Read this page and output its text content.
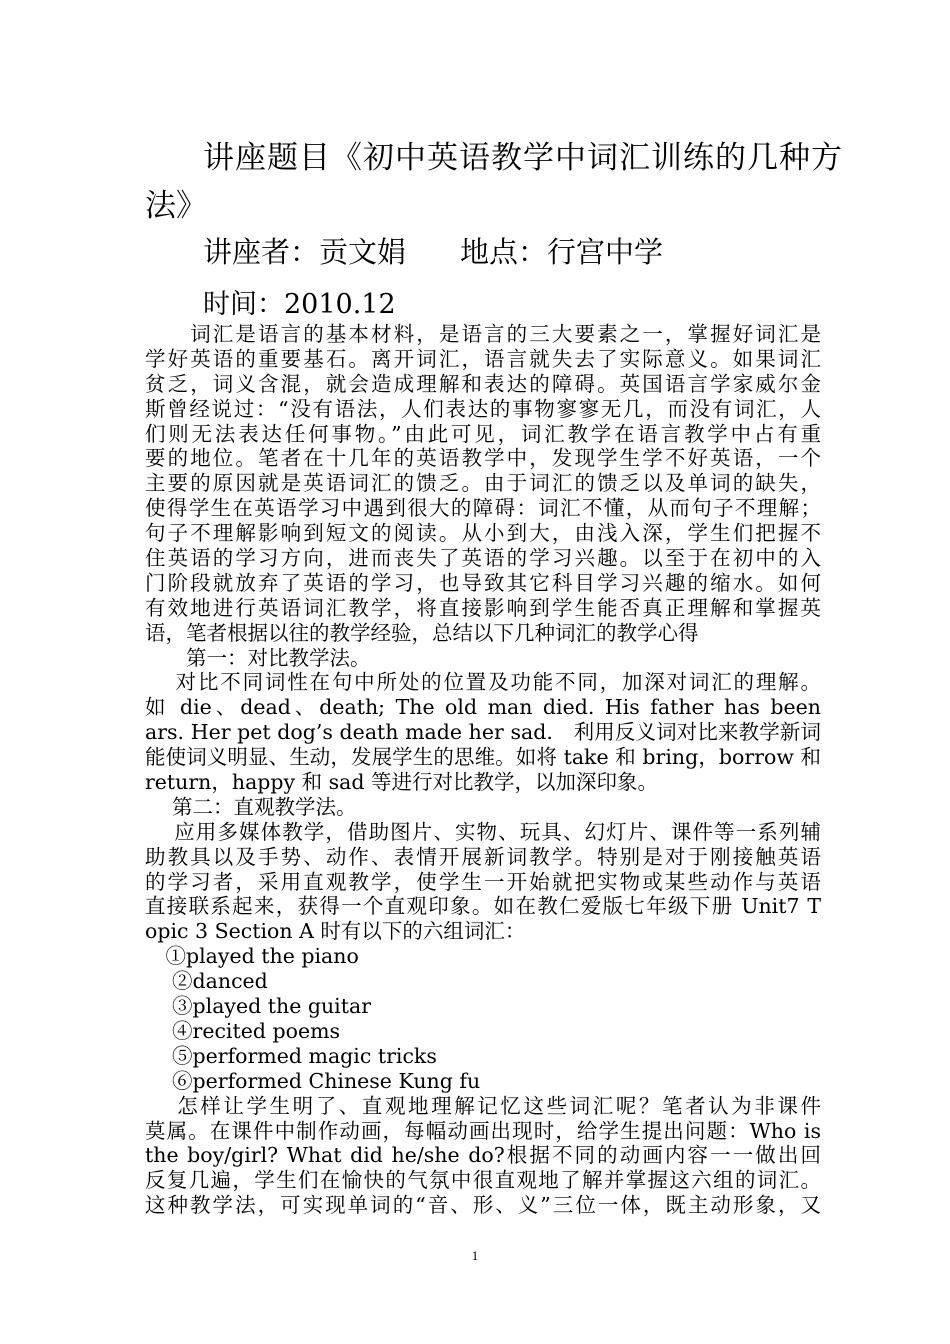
讲座题目《初中英语教学中词汇训练的几种方
法》
讲座者：贡文娟 地点：行宫中学
时间：2010.12
　　词汇是语言的基本材料，是语言的三大要素之一，掌握好词汇是
学好英语的重要基石。离开词汇，语言就失去了实际意义。如果词汇
贫乏，词义含混，就会造成理解和表达的障碍。英国语言学家威尔金
斯曾经说过：“没有语法，人们表达的事物寥寥无几，而没有词汇，人
们则无法表达任何事物。”由此可见，词汇教学在语言教学中占有重
要的地位。笔者在十几年的英语教学中，发现学生学不好英语，一个
主要的原因就是英语词汇的馈乏。由于词汇的馈乏以及单词的缺失，
使得学生在英语学习中遇到很大的障碍：词汇不懂，从而句子不理解；
句子不理解影响到短文的阅读。从小到大，由浅入深，学生们把握不
住英语的学习方向，进而丧失了英语的学习兴趣。以至于在初中的入
门阶段就放弃了英语的学习，也导致其它科目学习兴趣的缩水。如何
有效地进行英语词汇教学，将直接影响到学生能否真正理解和掌握英
语，笔者根据以往的教学经验，总结以下几种词汇的教学心得
　　第一：对比教学法。
　 对比不同词性在句中所处的位置及功能不同，加深对词汇的理解。
如 die、dead、death; The old man died. His father has been
ars. Her pet dog’s death made her sad.　利用反义词对比来教学新词
能使词义明显、生动，发展学生的思维。如将 take 和 bring，borrow 和
return，happy 和 sad 等进行对比教学，以加深印象。
　 第二：直观教学法。
　 应用多媒体教学，借助图片、实物、玩具、幻灯片、课件等一系列辅
助教具以及手势、动作、表情开展新词教学。特别是对于刚接触英语
的学习者，采用直观教学，使学生一开始就把实物或某些动作与英语
直接联系起来，获得一个直观印象。如在教仁爱版七年级下册 Unit7 T
opic 3 Section A 时有以下的六组词汇：
　①played the piano
　 ②danced
　 ③played the guitar
　 ④recited poems
　 ⑤performed magic tricks
　 ⑥performed Chinese Kung fu
　 怎样让学生明了、直观地理解记忆这些词汇呢？笔者认为非课件
莫属。在课件中制作动画，每幅动画出现时，给学生提出问题：Who is
the boy/girl? What did he/she do?根据不同的动画内容一一做出回
反复几遍，学生们在愉快的气氛中很直观地了解并掌握这六组的词汇。
这种教学法，可实现单词的“音、形、义”三位一体，既主动形象，又
1
